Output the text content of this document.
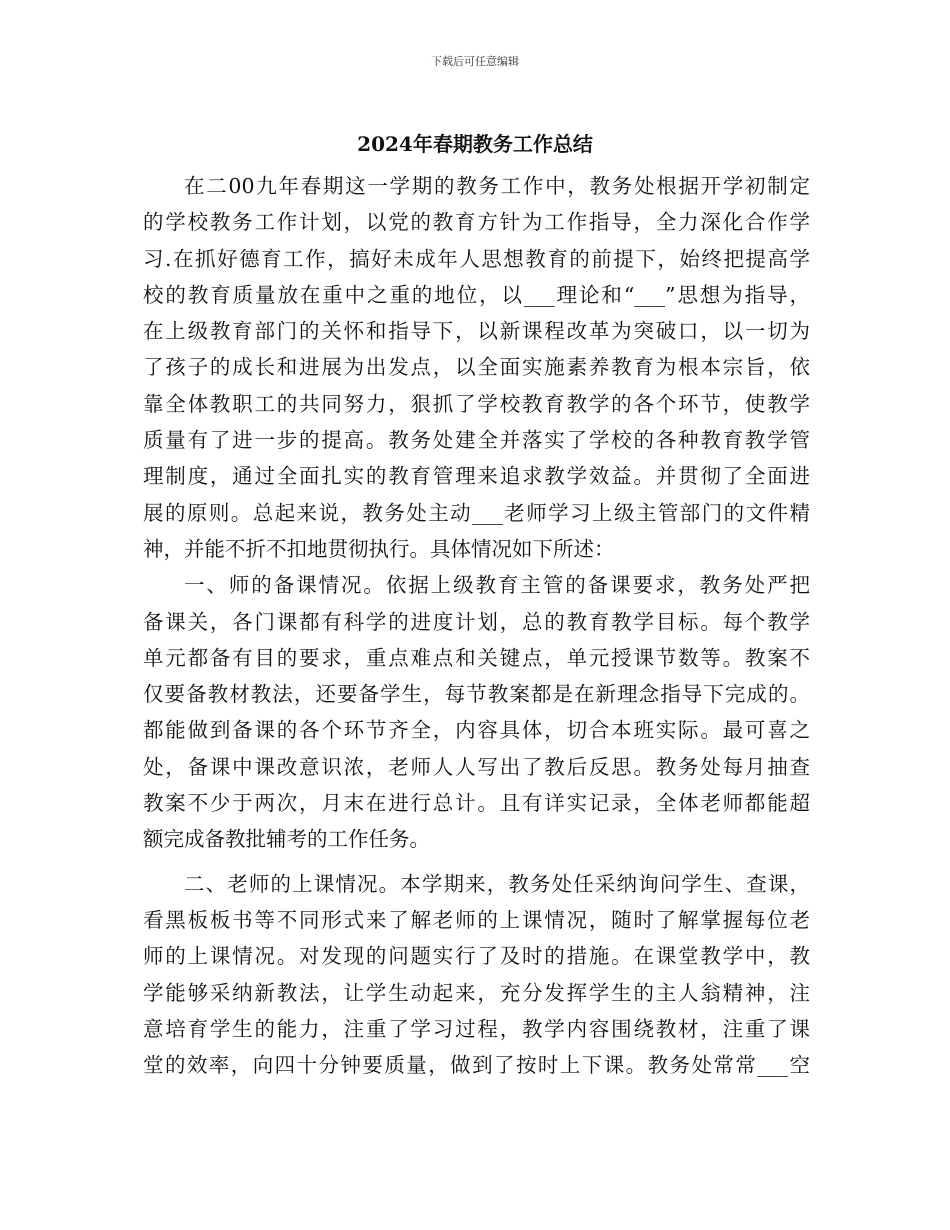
下载后可任意编辑
2024年春期教务工作总结
在二00九年春期这一学期的教务工作中，教务处根据开学初制定
的学校教务工作计划，以党的教育方针为工作指导，全力深化合作学
习.在抓好德育工作，搞好未成年人思想教育的前提下，始终把提高学
校的教育质量放在重中之重的地位，以___理论和“___”思想为指导，
在上级教育部门的关怀和指导下，以新课程改革为突破口，以一切为
了孩子的成长和进展为出发点，以全面实施素养教育为根本宗旨，依
靠全体教职工的共同努力，狠抓了学校教育教学的各个环节，使教学
质量有了进一步的提高。教务处建全并落实了学校的各种教育教学管
理制度，通过全面扎实的教育管理来追求教学效益。并贯彻了全面进
展的原则。总起来说，教务处主动___老师学习上级主管部门的文件精
神，并能不折不扣地贯彻执行。具体情况如下所述：
一、师的备课情况。依据上级教育主管的备课要求，教务处严把
备课关，各门课都有科学的进度计划，总的教育教学目标。每个教学
单元都备有目的要求，重点难点和关键点，单元授课节数等。教案不
仅要备教材教法，还要备学生，每节教案都是在新理念指导下完成的。
都能做到备课的各个环节齐全，内容具体，切合本班实际。最可喜之
处，备课中课改意识浓，老师人人写出了教后反思。教务处每月抽查
教案不少于两次，月末在进行总计。且有详实记录，全体老师都能超
额完成备教批辅考的工作任务。
二、老师的上课情况。本学期来，教务处任采纳询问学生、查课，
看黑板板书等不同形式来了解老师的上课情况，随时了解掌握每位老
师的上课情况。对发现的问题实行了及时的措施。在课堂教学中，教
学能够采纳新教法，让学生动起来，充分发挥学生的主人翁精神，注
意培育学生的能力，注重了学习过程，教学内容围绕教材，注重了课
堂的效率，向四十分钟要质量，做到了按时上下课。教务处常常___空
